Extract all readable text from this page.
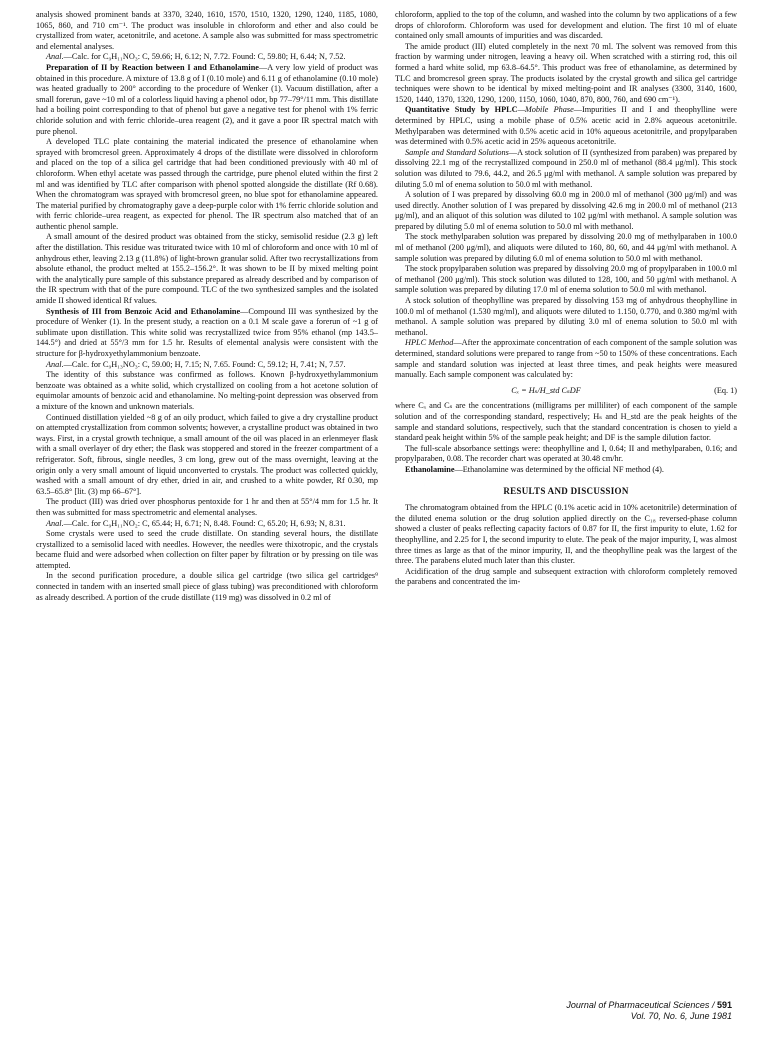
analysis showed prominent bands at 3370, 3240, 1610, 1570, 1510, 1320, 1290, 1240, 1185, 1080, 1065, 860, and 710 cm⁻¹. The product was insoluble in chloroform and ether and also could be crystallized from water, acetonitrile, and acetone. A sample also was submitted for mass spectrometric and elemental analyses.

Anal.—Calc. for C₉H₁₁NO₃: C, 59.66; H, 6.12; N, 7.72. Found: C, 59.80; H, 6.44; N, 7.52.

Preparation of II by Reaction between I and Ethanolamine—A very low yield of product was obtained in this procedure. A mixture of 13.8 g of I (0.10 mole) and 6.11 g of ethanolamine (0.10 mole) was heated gradually to 200° according to the procedure of Wenker (1). Vacuum distillation, after a small forerun, gave ~10 ml of a colorless liquid having a phenol odor, bp 77–79°/11 mm. This distillate had a boiling point corresponding to that of phenol but gave a negative test for phenol with 1% ferric chloride solution and with ferric chloride–urea reagent (2), and it gave a poor IR spectral match with pure phenol.

A developed TLC plate containing the material indicated the presence of ethanolamine when sprayed with bromcresol green. Approximately 4 drops of the distillate were dissolved in chloroform and placed on the top of a silica gel cartridge that had been conditioned previously with 40 ml of chloroform. When ethyl acetate was passed through the cartridge, pure phenol eluted within the first 2 ml and was identified by TLC after comparison with phenol spotted alongside the distillate (Rf 0.68). When the chromatogram was sprayed with bromcresol green, no blue spot for ethanolamine appeared. The material purified by chromatography gave a deep-purple color with 1% ferric chloride solution and with ferric chloride–urea reagent, as expected for phenol. The IR spectrum also matched that of an authentic phenol sample.

A small amount of the desired product was obtained from the sticky, semisolid residue (2.3 g) left after the distillation. This residue was triturated twice with 10 ml of chloroform and once with 10 ml of anhydrous ether, leaving 2.13 g (11.8%) of light-brown granular solid. After two recrystallizations from absolute ethanol, the product melted at 155.2–156.2°. It was shown to be II by mixed melting point with the analytically pure sample of this substance prepared as already described and by comparison of the IR spectrum with that of the pure compound. TLC of the two synthesized samples and the isolated amide II showed identical Rf values.

Synthesis of III from Benzoic Acid and Ethanolamine—Compound III was synthesized by the procedure of Wenker (1). In the present study, a reaction on a 0.1 M scale gave a forerun of ~1 g of sublimate upon distillation. This white solid was recrystallized twice from 95% ethanol (mp 143.5–144.5°) and dried at 55°/3 mm for 1.5 hr. Results of elemental analysis were consistent with the structure for β-hydroxyethylammonium benzoate.

Anal.—Calc. for C₉H₁₃NO₃: C, 59.00; H, 7.15; N, 7.65. Found: C, 59.12; H, 7.41; N, 7.57.

The identity of this substance was confirmed as follows. Known β-hydroxyethylammonium benzoate was obtained as a white solid, which crystallized on cooling from a hot acetone solution of equimolar amounts of benzoic acid and ethanolamine. No melting-point depression was observed from a mixture of the known and unknown materials.

Continued distillation yielded ~8 g of an oily product, which failed to give a dry crystalline product on attempted crystallization from common solvents; however, a crystalline product was obtained in two ways. First, in a crystal growth technique, a small amount of the oil was placed in an erlenmeyer flask with a small overlayer of dry ether; the flask was stoppered and stored in the freezer compartment of a refrigerator. Soft, fibrous, single needles, 3 cm long, grew out of the mass overnight, leaving at the origin only a very small amount of liquid unconverted to crystals. The product was collected quickly, washed with a small amount of dry ether, dried in air, and crushed to a white powder, Rf 0.30, mp 63.5–65.8° [lit. (3) mp 66–67°].

The product (III) was dried over phosphorus pentoxide for 1 hr and then at 55°/4 mm for 1.5 hr. It then was submitted for mass spectrometric and elemental analyses.

Anal.—Calc. for C₉H₁₁NO₂: C, 65.44; H, 6.71; N, 8.48. Found: C, 65.20; H, 6.93; N, 8.31.

Some crystals were used to seed the crude distillate. On standing several hours, the distillate crystallized to a semisolid laced with needles. However, the needles were thixotropic, and the crystals became fluid and were adsorbed when collection on filter paper by filtration or by pressing on tile was attempted.

In the second purification procedure, a double silica gel cartridge (two silica gel cartridges⁹ connected in tandem with an inserted small piece of glass tubing) was preconditioned with chloroform as already described. A portion of the crude distillate (119 mg) was dissolved in 0.2 ml of

chloroform, applied to the top of the column, and washed into the column by two applications of a few drops of chloroform. Chloroform was used for development and elution. The first 10 ml of eluate contained only small amounts of impurities and was discarded.

The amide product (III) eluted completely in the next 70 ml. The solvent was removed from this fraction by warming under nitrogen, leaving a heavy oil. When scratched with a stirring rod, this oil formed a hard white solid, mp 63.8–64.5°. This product was free of ethanolamine, as determined by TLC and bromcresol green spray. The products isolated by the crystal growth and silica gel cartridge techniques were shown to be identical by mixed melting-point and IR analyses (3300, 3140, 1600, 1520, 1440, 1370, 1320, 1290, 1200, 1150, 1060, 1040, 870, 800, 760, and 690 cm⁻¹).

Quantitative Study by HPLC—Mobile Phase—Impurities II and I and theophylline were determined by HPLC, using a mobile phase of 0.5% acetic acid in 2.8% aqueous acetonitrile. Methylparaben was determined with 0.5% acetic acid in 10% aqueous acetonitrile, and propylparaben was determined with 0.5% acetic acid in 25% aqueous acetonitrile.

Sample and Standard Solutions—A stock solution of II (synthesized from paraben) was prepared by dissolving 22.1 mg of the recrystallized compound in 250.0 ml of methanol (88.4 μg/ml). This stock solution was diluted to 79.6, 44.2, and 26.5 μg/ml with methanol. A sample solution was prepared by diluting 5.0 ml of enema solution to 50.0 ml with methanol.

A solution of I was prepared by dissolving 60.0 mg in 200.0 ml of methanol (300 μg/ml) and was used directly. Another solution of I was prepared by dissolving 42.6 mg in 200.0 ml of methanol (213 μg/ml), and an aliquot of this solution was diluted to 102 μg/ml with methanol. A sample solution was prepared by diluting 5.0 ml of enema solution to 50.0 ml with methanol.

The stock methylparaben solution was prepared by dissolving 20.0 mg of methylparaben in 100.0 ml of methanol (200 μg/ml), and aliquots were diluted to 160, 80, 60, and 44 μg/ml with methanol. A sample solution was prepared by diluting 6.0 ml of enema solution to 50.0 ml with methanol.

The stock propylparaben solution was prepared by dissolving 20.0 mg of propylparaben in 100.0 ml of methanol (200 μg/ml). This stock solution was diluted to 128, 100, and 50 μg/ml with methanol. A sample solution was prepared by diluting 17.0 ml of enema solution to 50.0 ml with methanol.

A stock solution of theophylline was prepared by dissolving 153 mg of anhydrous theophylline in 100.0 ml of methanol (1.530 mg/ml), and aliquots were diluted to 1.150, 0.770, and 0.380 mg/ml with methanol. A sample solution was prepared by diluting 3.0 ml of enema solution to 50.0 ml with methanol.

HPLC Method—After the approximate concentration of each component of the sample solution was determined, standard solutions were prepared to range from ~50 to 150% of these concentrations. Each sample and standard solution was injected at least three times, and peak heights were measured manually. Each sample component was calculated by:

Cₓ = Hₛ/H_std CₛDF	(Eq. 1)

where Cₓ and Cₛ are the concentrations (milligrams per milliliter) of each component of the sample solution and of the corresponding standard, respectively; Hₛ and H_std are the peak heights of the sample and standard solutions, respectively, such that the standard concentration is chosen to yield a standard peak height within 5% of the sample peak height; and DF is the sample dilution factor.

The full-scale absorbance settings were: theophylline and I, 0.64; II and methylparaben, 0.16; and propylparaben, 0.08. The recorder chart was operated at 30.48 cm/hr.

Ethanolamine—Ethanolamine was determined by the official NF method (4).

RESULTS AND DISCUSSION

The chromatogram obtained from the HPLC (0.1% acetic acid in 10% acetonitrile) determination of the diluted enema solution or the drug solution applied directly on the C₁₈ reversed-phase column showed a cluster of peaks reflecting capacity factors of 0.87 for II, the first impurity to elute, 1.62 for theophylline, and 2.25 for I, the second impurity to elute. The peak of the major impurity, I, was almost three times as large as that of the minor impurity, II, and the theophylline peak was the largest of the three. The parabens eluted much later than this cluster.

Acidification of the drug sample and subsequent extraction with chloroform completely removed the parabens and concentrated the im-

Journal of Pharmaceutical Sciences / 591
Vol. 70, No. 6, June 1981
